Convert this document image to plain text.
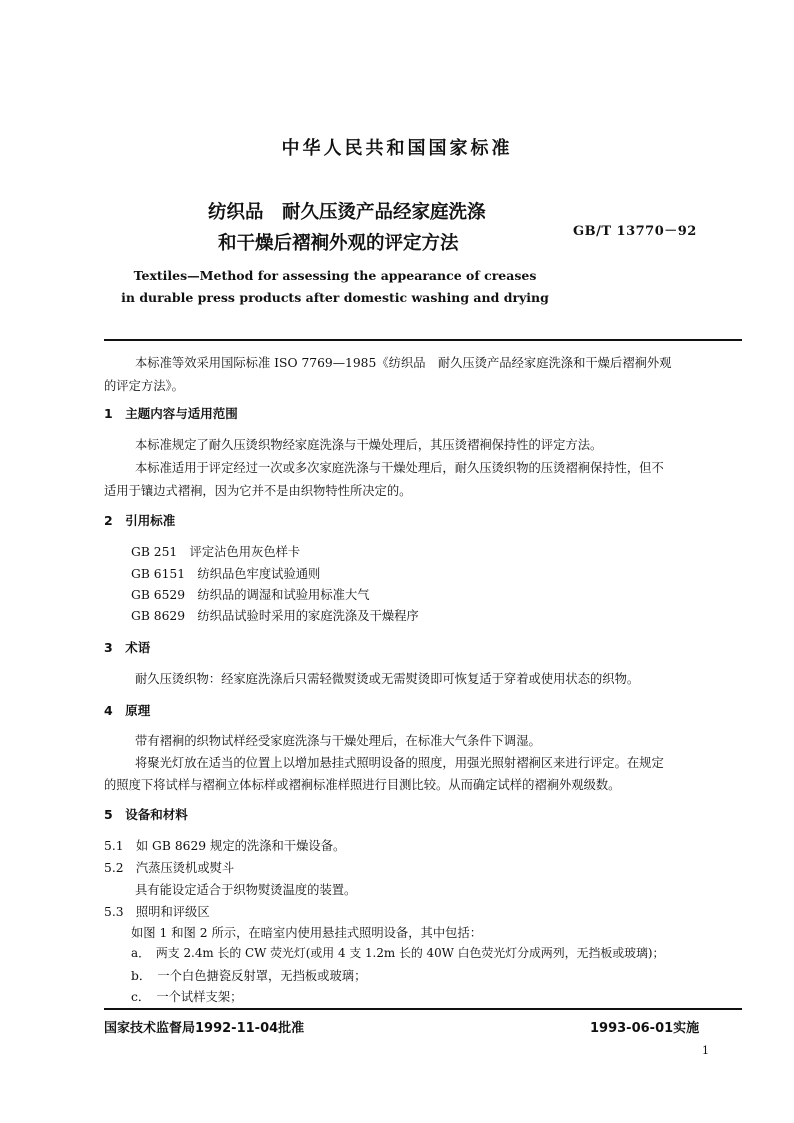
中华人民共和国国家标准
纺织品　耐久压烫产品经家庭洗涤
和干燥后褶裥外观的评定方法
GB/T 13770－92
Textiles—Method for assessing the appearance of creases
in durable press products after domestic washing and drying
本标准等效采用国际标准 ISO 7769—1985《纺织品　耐久压烫产品经家庭洗涤和干燥后褶裥外观
的评定方法》。
1　主题内容与适用范围
本标准规定了耐久压烫织物经家庭洗涤与干燥处理后，其压烫褶裥保持性的评定方法。
本标准适用于评定经过一次或多次家庭洗涤与干燥处理后，耐久压烫织物的压烫褶裥保持性，但不
适用于镶边式褶裥，因为它并不是由织物特性所决定的。
2　引用标准
GB 251　评定沾色用灰色样卡
GB 6151　纺织品色牢度试验通则
GB 6529　纺织品的调湿和试验用标准大气
GB 8629　纺织品试验时采用的家庭洗涤及干燥程序
3　术语
耐久压烫织物：经家庭洗涤后只需轻微熨烫或无需熨烫即可恢复适于穿着或使用状态的织物。
4　原理
带有褶裥的织物试样经受家庭洗涤与干燥处理后，在标准大气条件下调湿。
将聚光灯放在适当的位置上以增加悬挂式照明设备的照度，用强光照射褶裥区来进行评定。在规定
的照度下将试样与褶裥立体标样或褶裥标准样照进行目测比较。从而确定试样的褶裥外观级数。
5　设备和材料
5.1　如 GB 8629 规定的洗涤和干燥设备。
5.2　汽蒸压烫机或熨斗
具有能设定适合于织物熨烫温度的装置。
5.3　照明和评级区
如图 1 和图 2 所示，在暗室内使用悬挂式照明设备，其中包括：
a．　两支 2.4m 长的 CW 荧光灯(或用 4 支 1.2m 长的 40W 白色荧光灯分成两列，无挡板或玻璃)；
b．　一个白色搪瓷反射罩，无挡板或玻璃；
c．　一个试样支架；
国家技术监督局1992-11-04批准	1993-06-01实施
1
